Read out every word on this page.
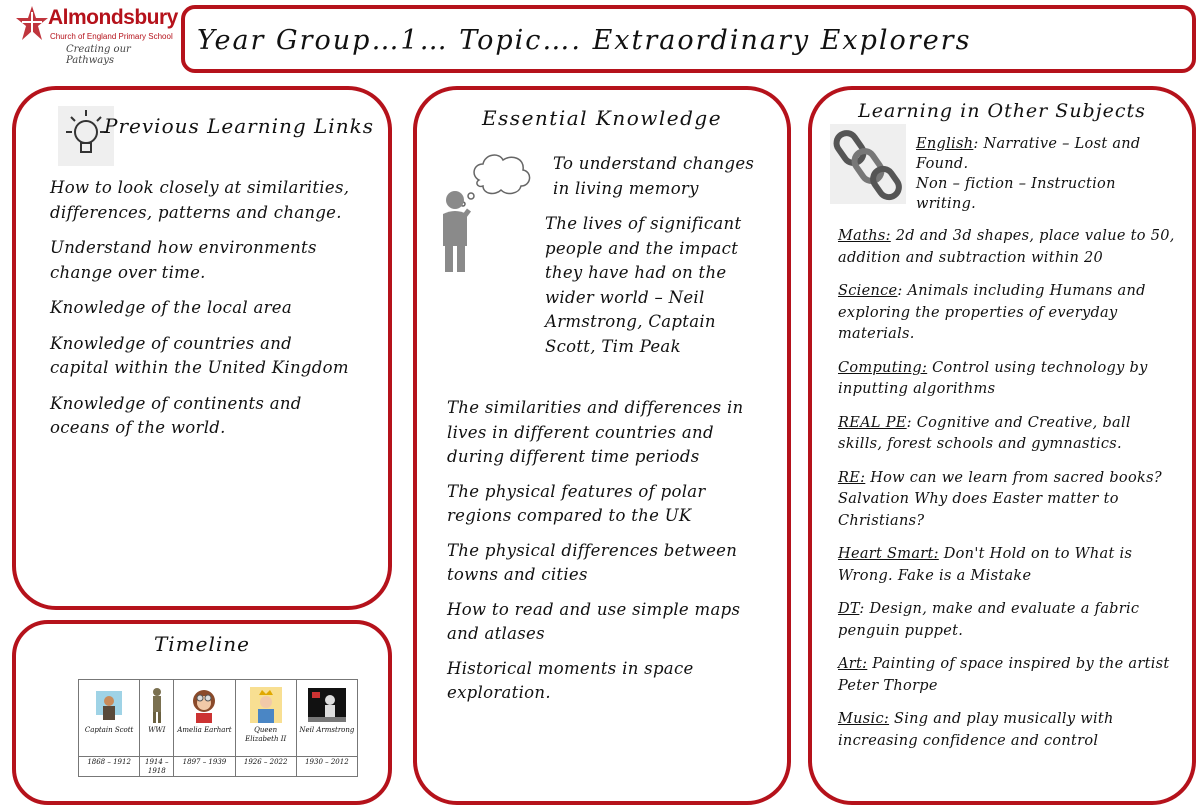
Almondsbury
Church of England Primary School
Creating our Pathways
Year Group…1… Topic…. Extraordinary Explorers
Previous Learning Links

How to look closely at similarities, differences, patterns and change.

Understand how environments change over time.

Knowledge of the local area

Knowledge of countries and capital within the United Kingdom

Knowledge of continents and oceans of the world.

Timeline
Captain Scott
1868 – 1912
WWI
1914 – 1918
Amelia Earhart
1897 – 1939
Queen Elizabeth II
1926 – 2022
Neil Armstrong
1930 – 2012
Essential Knowledge
To understand changes in living memory
The lives of significant people and the impact they have had on the wider world – Neil Armstrong, Captain Scott, Tim Peak

The similarities and differences in lives in different countries and during different time periods

The physical features of polar regions compared to the UK

The physical differences between towns and cities

How to read and use simple maps and atlases

Historical moments in space exploration.

Learning in Other Subjects
English: Narrative – Lost and Found.
Non – fiction – Instruction writing.

Maths: 2d and 3d shapes, place value to 50, addition and subtraction within 20

Science: Animals including Humans and exploring the properties of everyday materials.

Computing: Control using technology by inputting algorithms

REAL PE: Cognitive and Creative, ball skills, forest schools and gymnastics.

RE: How can we learn from sacred books? Salvation Why does Easter matter to Christians?

Heart Smart: Don't Hold on to What is Wrong. Fake is a Mistake

DT: Design, make and evaluate a fabric penguin puppet.

Art: Painting of space inspired by the artist Peter Thorpe

Music: Sing and play musically with increasing confidence and control
